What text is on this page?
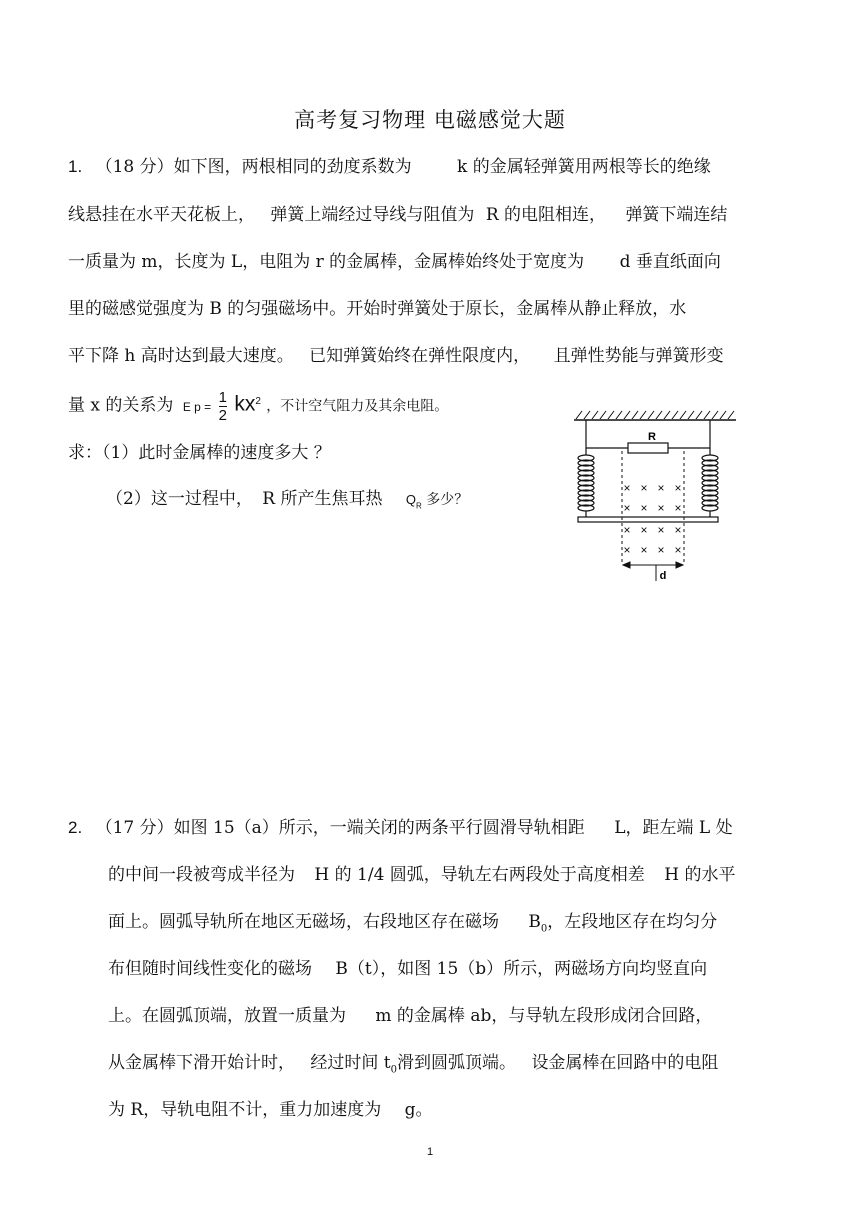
高考复习物理 电磁感觉大题
1. （18 分）如下图，两根相同的劲度系数为	k 的金属轻弹簧用两根等长的绝缘
线悬挂在水平天花板上， 弹簧上端经过导线与阻值为 R 的电阻相连， 弹簧下端连结
一质量为 m，长度为 L，电阻为 r 的金属棒，金属棒始终处于宽度为 d 垂直纸面向
里的磁感觉强度为 B 的匀强磁场中。开始时弹簧处于原长，金属棒从静止释放，水
平下降 h 高时达到最大速度。 已知弹簧始终在弹性限度内， 且弹性势能与弹簧形变
量 x 的关系为 E $p = \frac{1}{2} kx^2$ ，不计空气阻力及其余电阻。
求：（1）此时金属棒的速度多大 ？
（2）这一过程中， R 所产生焦耳热 $Q_R$ 多少？
R
× × × ×
× × × ×
× × × ×
× × × ×
d
2. （17 分）如图 15（a）所示，一端关闭的两条平行圆滑导轨相距 L，距左端 L 处
的中间一段被弯成半径为 H 的 1/4 圆弧，导轨左右两段处于高度相差 H 的水平
面上。圆弧导轨所在地区无磁场，右段地区存在磁场 $B_0$，左段地区存在均匀分
布但随时间线性变化的磁场 B（t），如图 15（b）所示，两磁场方向均竖直向
上。在圆弧顶端，放置一质量为 m 的金属棒 ab，与导轨左段形成闭合回路，
从金属棒下滑开始计时， 经过时间 $t_0$滑到圆弧顶端。 设金属棒在回路中的电阻
为 R，导轨电阻不计，重力加速度为 g。
1
